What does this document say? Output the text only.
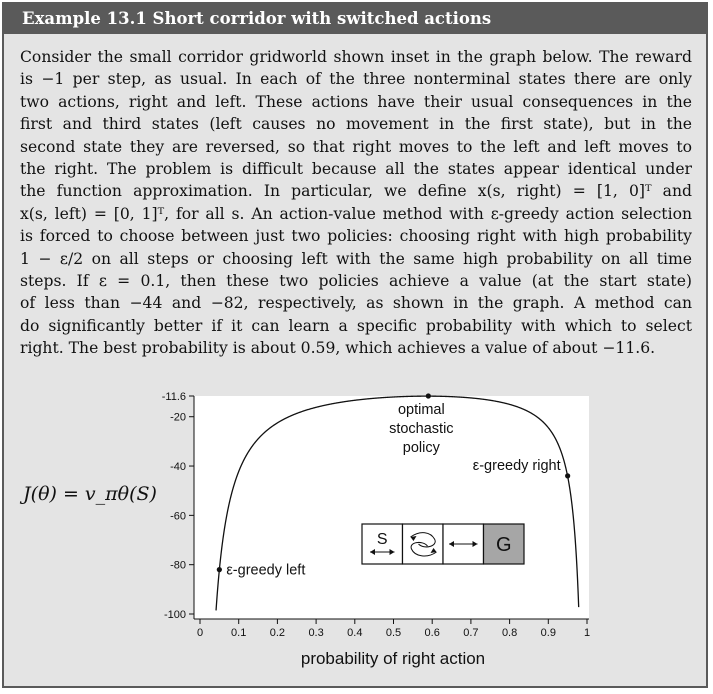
Example 13.1 Short corridor with switched actions
Consider the small corridor gridworld shown inset in the graph below. The reward
is −1 per step, as usual. In each of the three nonterminal states there are only
two actions, right and left. These actions have their usual consequences in the
first and third states (left causes no movement in the first state), but in the
second state they are reversed, so that right moves to the left and left moves to
the right. The problem is difficult because all the states appear identical under
the function approximation. In particular, we define x(s, right) = [1, 0]ᵀ and
x(s, left) = [0, 1]ᵀ, for all s. An action-value method with ε-greedy action selection
is forced to choose between just two policies: choosing right with high probability
1 − ε/2 on all steps or choosing left with the same high probability on all time
steps. If ε = 0.1, then these two policies achieve a value (at the start state)
of less than −44 and −82, respectively, as shown in the graph. A method can
do significantly better if it can learn a specific probability with which to select
right. The best probability is about 0.59, which achieves a value of about −11.6.
-11.6
-20
-40
-60
-80
-100
0	0.1 0.2 0.3 0.4 0.5 0.6 0.7 0.8 0.9	1
ε-greedy left
optimal stochastic policy
ε-greedy right
J(θ) = v_πθ(S)
probability of right action
S	G
